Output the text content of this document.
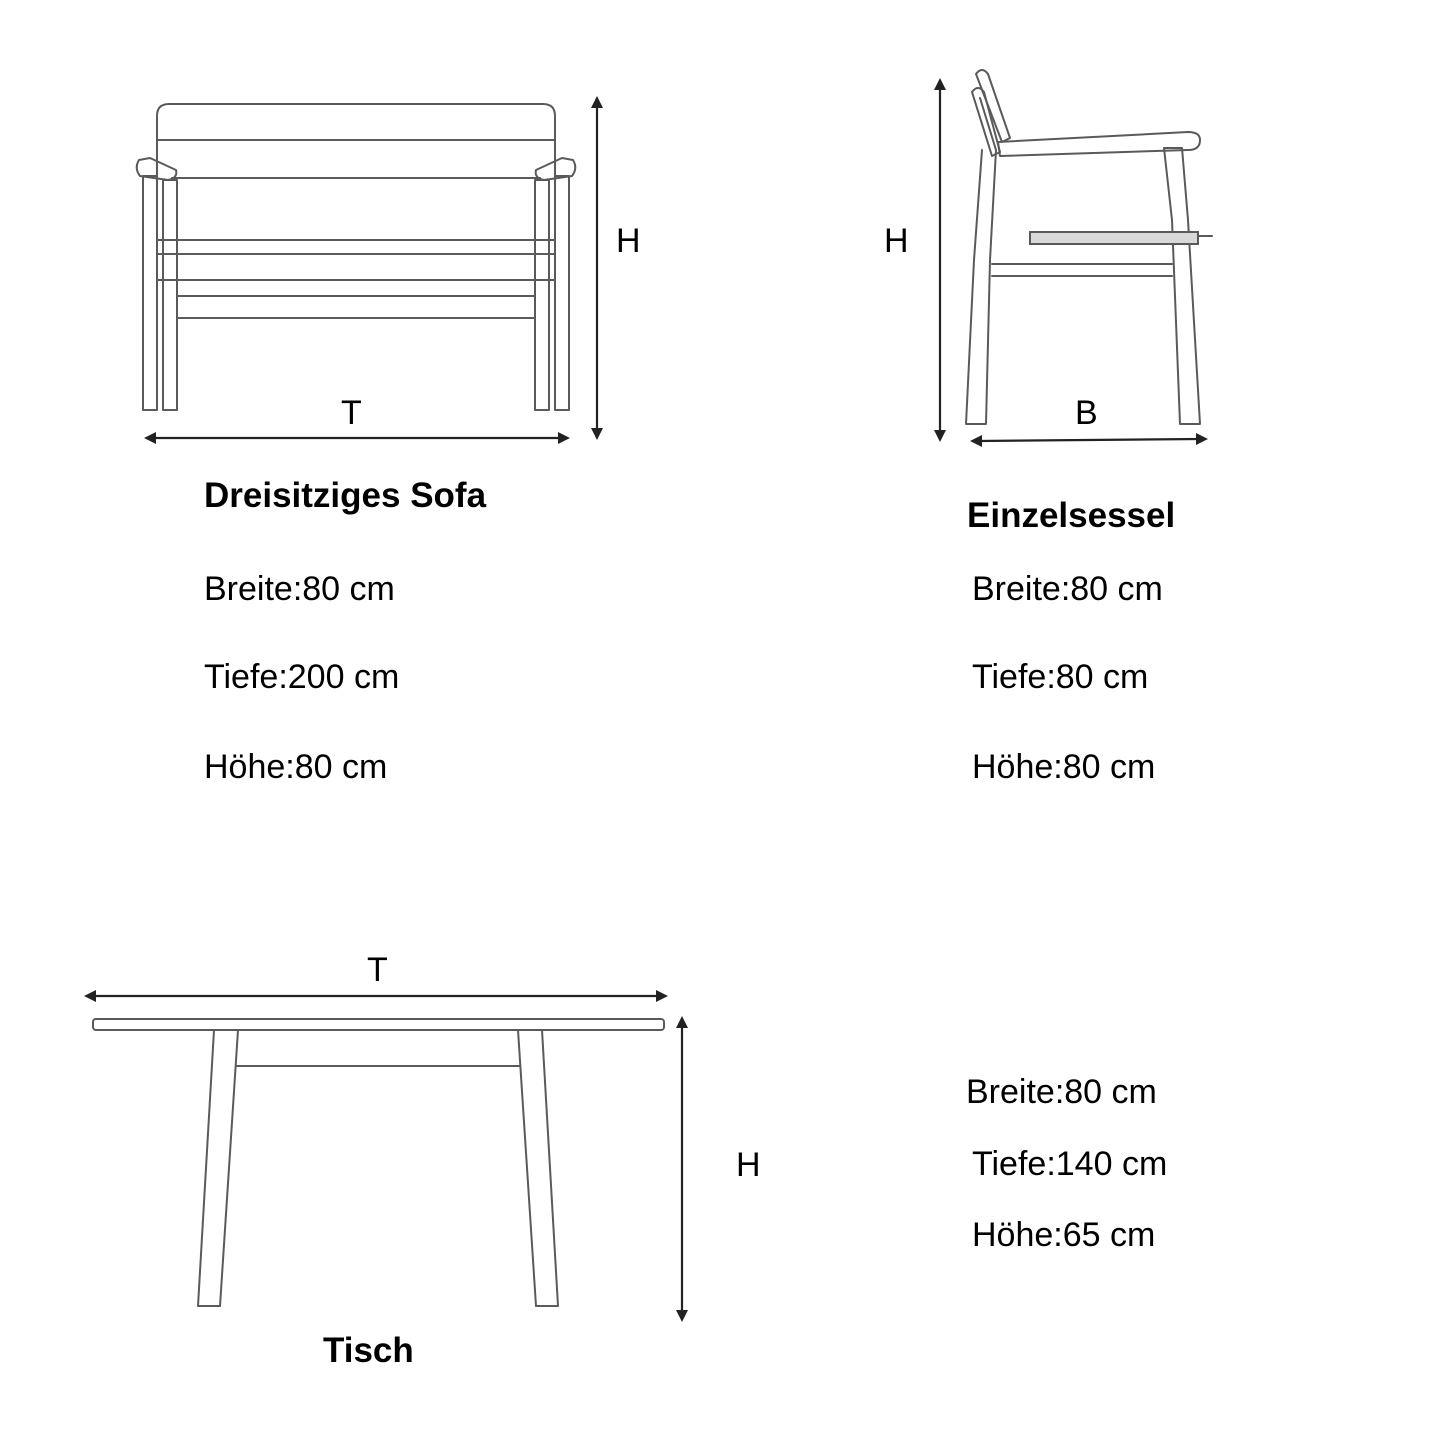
T
H	H
B
T
H
Dreisitziges Sofa
Breite:80 cm
Tiefe:200 cm
Höhe:80 cm
Einzelsessel
Breite:80 cm
Tiefe:80 cm
Höhe:80 cm
Tisch
Breite:80 cm
Tiefe:140 cm
Höhe:65 cm
